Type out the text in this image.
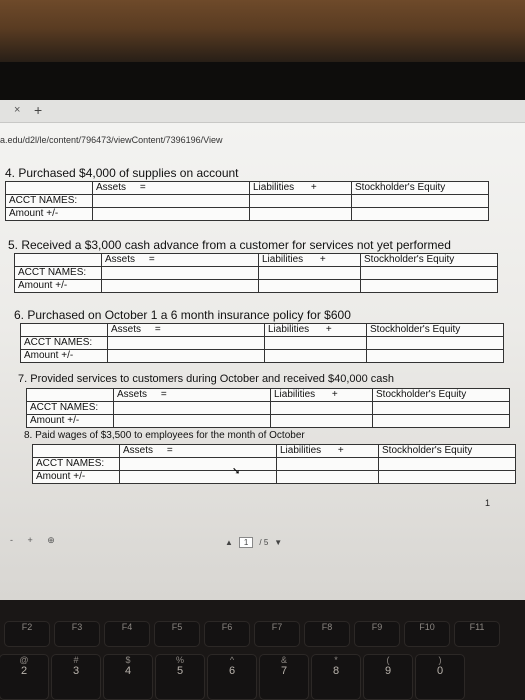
× +
a.edu/d2l/le/content/796473/viewContent/7396196/View
4. Purchased $4,000 of supplies on account
	Assets =	Liabilities +	Stockholder's Equity
ACCT NAMES:			
Amount +/-			
5. Received a $3,000 cash advance from a customer for services not yet performed
	Assets =	Liabilities +	Stockholder's Equity
ACCT NAMES:			
Amount +/-			
6. Purchased on October 1 a 6 month insurance policy for $600
	Assets =	Liabilities +	Stockholder's Equity
ACCT NAMES:			
Amount +/-			
7. Provided services to customers during October and received $40,000 cash
	Assets =	Liabilities +	Stockholder's Equity
ACCT NAMES:			
Amount +/-			
8. Paid wages of $3,500 to employees for the month of October
	Assets =	Liabilities +	Stockholder's Equity
ACCT NAMES:			
Amount +/-			
1
➘
- + ⊕	▲	1	/ 5 ▼
F2	F3	F4	F5	F6	F7	F8	F9	F10	F11
@
2
#
3
$
4
%
5
^
6
&
7
*
8
(
9
)
0
